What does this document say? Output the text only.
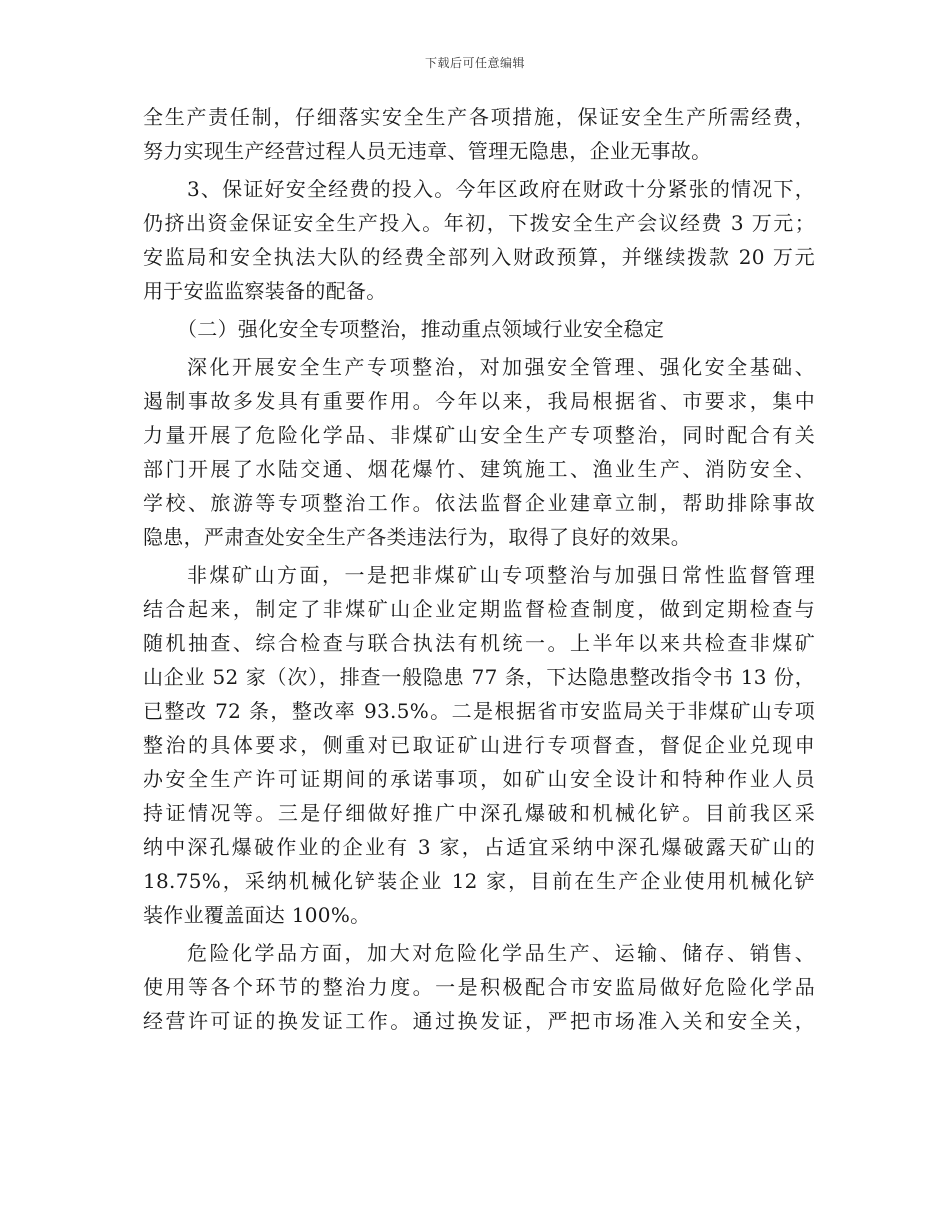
下载后可任意编辑
全生产责任制，仔细落实安全生产各项措施，保证安全生产所需经费，
努力实现生产经营过程人员无违章、管理无隐患，企业无事故。
3、保证好安全经费的投入。今年区政府在财政十分紧张的情况下，
仍挤出资金保证安全生产投入。年初，下拨安全生产会议经费 3 万元；
安监局和安全执法大队的经费全部列入财政预算，并继续拨款 20 万元
用于安监监察装备的配备。
（二）强化安全专项整治，推动重点领域行业安全稳定
深化开展安全生产专项整治，对加强安全管理、强化安全基础、
遏制事故多发具有重要作用。今年以来，我局根据省、市要求，集中
力量开展了危险化学品、非煤矿山安全生产专项整治，同时配合有关
部门开展了水陆交通、烟花爆竹、建筑施工、渔业生产、消防安全、
学校、旅游等专项整治工作。依法监督企业建章立制，帮助排除事故
隐患，严肃查处安全生产各类违法行为，取得了良好的效果。
非煤矿山方面，一是把非煤矿山专项整治与加强日常性监督管理
结合起来，制定了非煤矿山企业定期监督检查制度，做到定期检查与
随机抽查、综合检查与联合执法有机统一。上半年以来共检查非煤矿
山企业 52 家（次），排查一般隐患 77 条，下达隐患整改指令书 13 份，
已整改 72 条，整改率 93.5%。二是根据省市安监局关于非煤矿山专项
整治的具体要求，侧重对已取证矿山进行专项督查，督促企业兑现申
办安全生产许可证期间的承诺事项，如矿山安全设计和特种作业人员
持证情况等。三是仔细做好推广中深孔爆破和机械化铲。目前我区采
纳中深孔爆破作业的企业有 3 家，占适宜采纳中深孔爆破露天矿山的
18.75%，采纳机械化铲装企业 12 家，目前在生产企业使用机械化铲
装作业覆盖面达 100%。
危险化学品方面，加大对危险化学品生产、运输、储存、销售、
使用等各个环节的整治力度。一是积极配合市安监局做好危险化学品
经营许可证的换发证工作。通过换发证，严把市场准入关和安全关，
